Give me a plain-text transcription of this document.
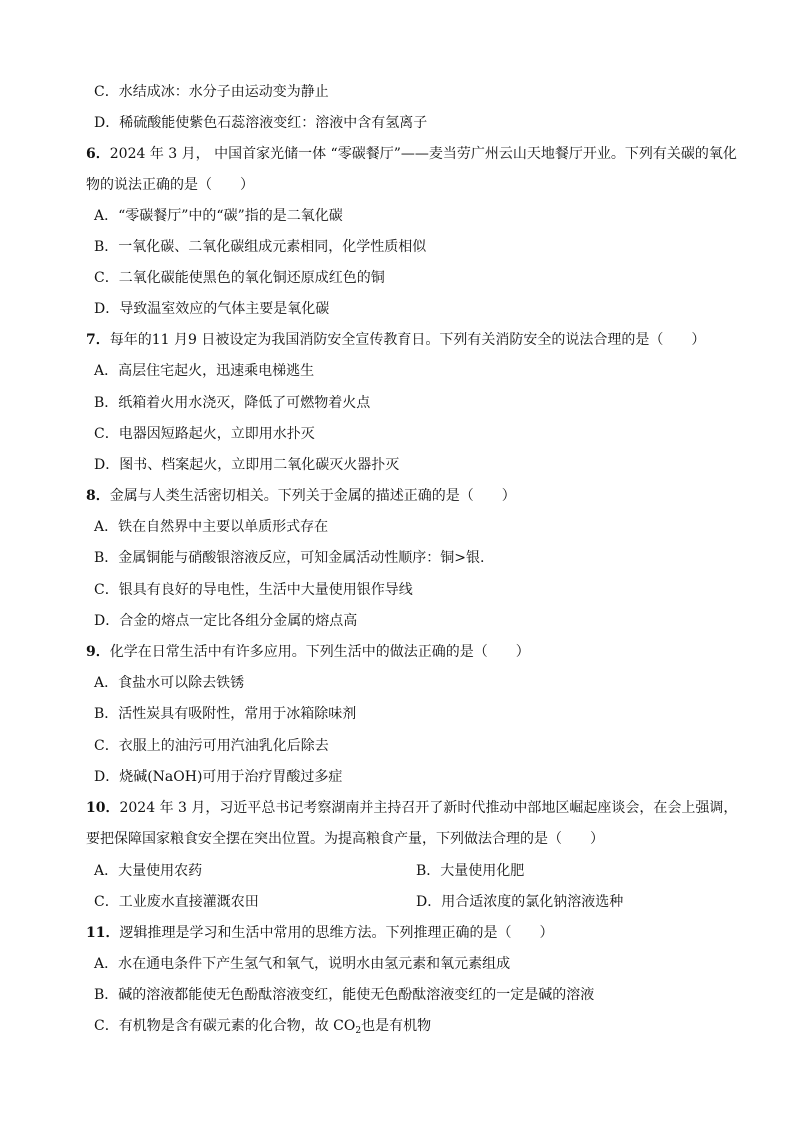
C．水结成冰：水分子由运动变为静止
D．稀硫酸能使紫色石蕊溶液变红：溶液中含有氢离子
6．2024 年 3 月， 中国首家光储一体 “零碳餐厅”——麦当劳广州云山天地餐厅开业。下列有关碳的氧化
物的说法正确的是（　　）
A．“零碳餐厅”中的“碳”指的是二氧化碳
B．一氧化碳、二氧化碳组成元素相同，化学性质相似
C．二氧化碳能使黑色的氧化铜还原成红色的铜
D．导致温室效应的气体主要是氧化碳
7．每年的11 月9 日被设定为我国消防安全宣传教育日。下列有关消防安全的说法合理的是（　　）
A．高层住宅起火，迅速乘电梯逃生
B．纸箱着火用水浇灭，降低了可燃物着火点
C．电器因短路起火，立即用水扑灭
D．图书、档案起火，立即用二氧化碳灭火器扑灭
8．金属与人类生活密切相关。下列关于金属的描述正确的是（　　）
A．铁在自然界中主要以单质形式存在
B．金属铜能与硝酸银溶液反应，可知金属活动性顺序：铜>银.
C．银具有良好的导电性，生活中大量使用银作导线
D．合金的熔点一定比各组分金属的熔点高
9．化学在日常生活中有许多应用。下列生活中的做法正确的是（　　）
A．食盐水可以除去铁锈
B．活性炭具有吸附性，常用于冰箱除味剂
C．衣服上的油污可用汽油乳化后除去
D．烧碱(NaOH)可用于治疗胃酸过多症
10．2024 年 3 月，习近平总书记考察湖南并主持召开了新时代推动中部地区崛起座谈会，在会上强调，
要把保障国家粮食安全摆在突出位置。为提高粮食产量，下列做法合理的是（　　）
A．大量使用农药	B．大量使用化肥
C．工业废水直接灌溉农田	D．用合适浓度的氯化钠溶液选种
11．逻辑推理是学习和生活中常用的思维方法。下列推理正确的是（　　）
A．水在通电条件下产生氢气和氧气，说明水由氢元素和氧元素组成
B．碱的溶液都能使无色酚酞溶液变红，能使无色酚酞溶液变红的一定是碱的溶液
C．有机物是含有碳元素的化合物，故 $CO_2$也是有机物
